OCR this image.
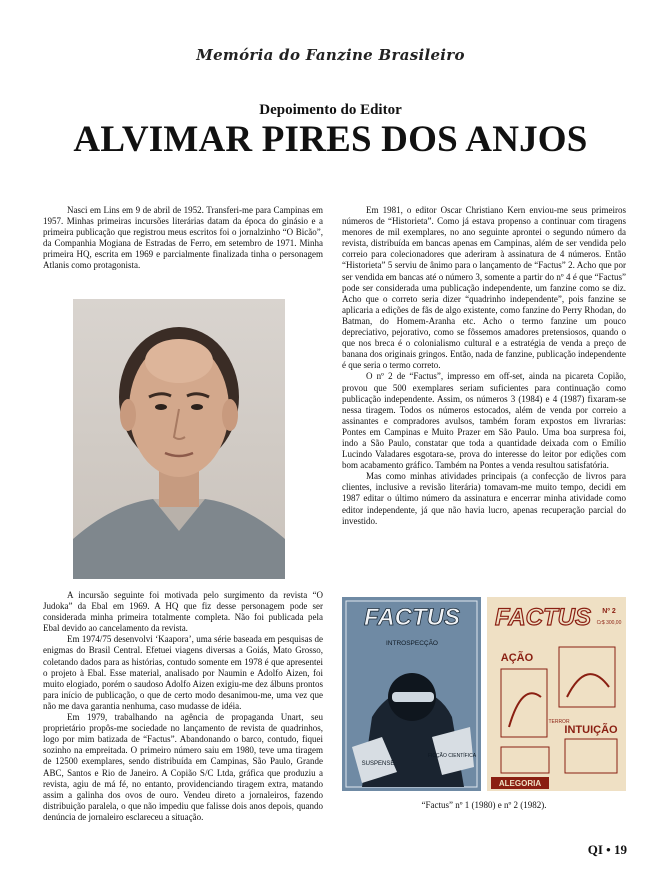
Memória do Fanzine Brasileiro
Depoimento do Editor
ALVIMAR PIRES DOS ANJOS

Nasci em Lins em 9 de abril de 1952. Transferi-me para Campinas em 1957. Minhas primeiras incursões literárias datam da época do ginásio e a primeira publicação que registrou meus escritos foi o jornalzinho “O Bicão”, da Companhia Mogiana de Estradas de Ferro, em setembro de 1971. Minha primeira HQ, escrita em 1969 e parcialmente finalizada tinha o personagem Atlanis como protagonista.

A incursão seguinte foi motivada pelo surgimento da revista “O Judoka” da Ebal em 1969. A HQ que fiz desse personagem pode ser considerada minha primeira totalmente completa. Não foi publicada pela Ebal devido ao cancelamento da revista.

Em 1974/75 desenvolvi ‘Kaapora’, uma série baseada em pesquisas de enigmas do Brasil Central. Efetuei viagens diversas a Goiás, Mato Grosso, coletando dados para as histórias, contudo somente em 1978 é que apresentei o projeto à Ebal. Esse material, analisado por Naumin e Adolfo Aizen, foi muito elogiado, porém o saudoso Adolfo Aizen exigiu-me dez álbuns prontos para início de publicação, o que de certo modo desanimou-me, uma vez que não me dava garantia nenhuma, caso mudasse de idéia.

Em 1979, trabalhando na agência de propaganda Unart, seu proprietário propôs-me sociedade no lançamento de revista de quadrinhos, logo por mim batizada de “Factus”. Abandonando o barco, contudo, fiquei sozinho na empreitada. O primeiro número saiu em 1980, teve uma tiragem de 12500 exemplares, sendo distribuída em Campinas, São Paulo, Grande ABC, Santos e Rio de Janeiro. A Copião S/C Ltda, gráfica que produziu a revista, agiu de má fé, no entanto, providenciando tiragem extra, matando assim a galinha dos ovos de ouro. Vendeu direto a jornaleiros, fazendo distribuição paralela, o que não impediu que falisse dois anos depois, quando denúncia de jornaleiro esclareceu a situação.

Em 1981, o editor Oscar Christiano Kern enviou-me seus primeiros números de “Historieta”. Como já estava propenso a continuar com tiragens menores de mil exemplares, no ano seguinte aprontei o segundo número da revista, distribuída em bancas apenas em Campinas, além de ser vendida pelo correio para colecionadores que aderiram à assinatura de 4 números. Então “Historieta” 5 serviu de ânimo para o lançamento de “Factus” 2. Acho que por ser vendida em bancas até o número 3, somente a partir do nº 4 é que “Factus” pode ser considerada uma publicação independente, um fanzine como se diz. Acho que o correto seria dizer “quadrinho independente”, pois fanzine se aplicaria a edições de fãs de algo existente, como fanzine do Perry Rhodan, do Batman, do Homem-Aranha etc. Acho o termo fanzine um pouco depreciativo, pejorativo, como se fôssemos amadores pretensiosos, quando o que nos breca é o colonialismo cultural e a estratégia de venda a preço de banana dos originais gringos. Então, nada de fanzine, publicação independente é que seria o termo correto.

O nº 2 de “Factus”, impresso em off-set, ainda na picareta Copião, provou que 500 exemplares seriam suficientes para continuação como publicação independente. Assim, os números 3 (1984) e 4 (1987) fixaram-se nessa tiragem. Todos os números estocados, além de venda por correio a assinantes e compradores avulsos, também foram expostos em livrarias: Pontes em Campinas e Muito Prazer em São Paulo. Uma boa surpresa foi, indo a São Paulo, constatar que toda a quantidade deixada com o Emílio Lucindo Valadares esgotara-se, prova do interesse do leitor por edições com bom acabamento gráfico. Também na Pontes a venda resultou satisfatória.

Mas como minhas atividades principais (a confecção de livros para clientes, inclusive a revisão literária) tomavam-me muito tempo, decidi em 1987 editar o último número da assinatura e encerrar minha atividade como editor independente, já que não havia lucro, apenas recuperação parcial do investido.

FACTUS
INTROSPECÇÃO
SUSPENSE
FICÇÃO CIENTÍFICA
FACTUS Nº 2
Cr$ 300,00
AÇÃO
TERROR
INTUIÇÃO
ALEGORIA
“Factus” nº 1 (1980) e nº 2 (1982).
QI • 19
